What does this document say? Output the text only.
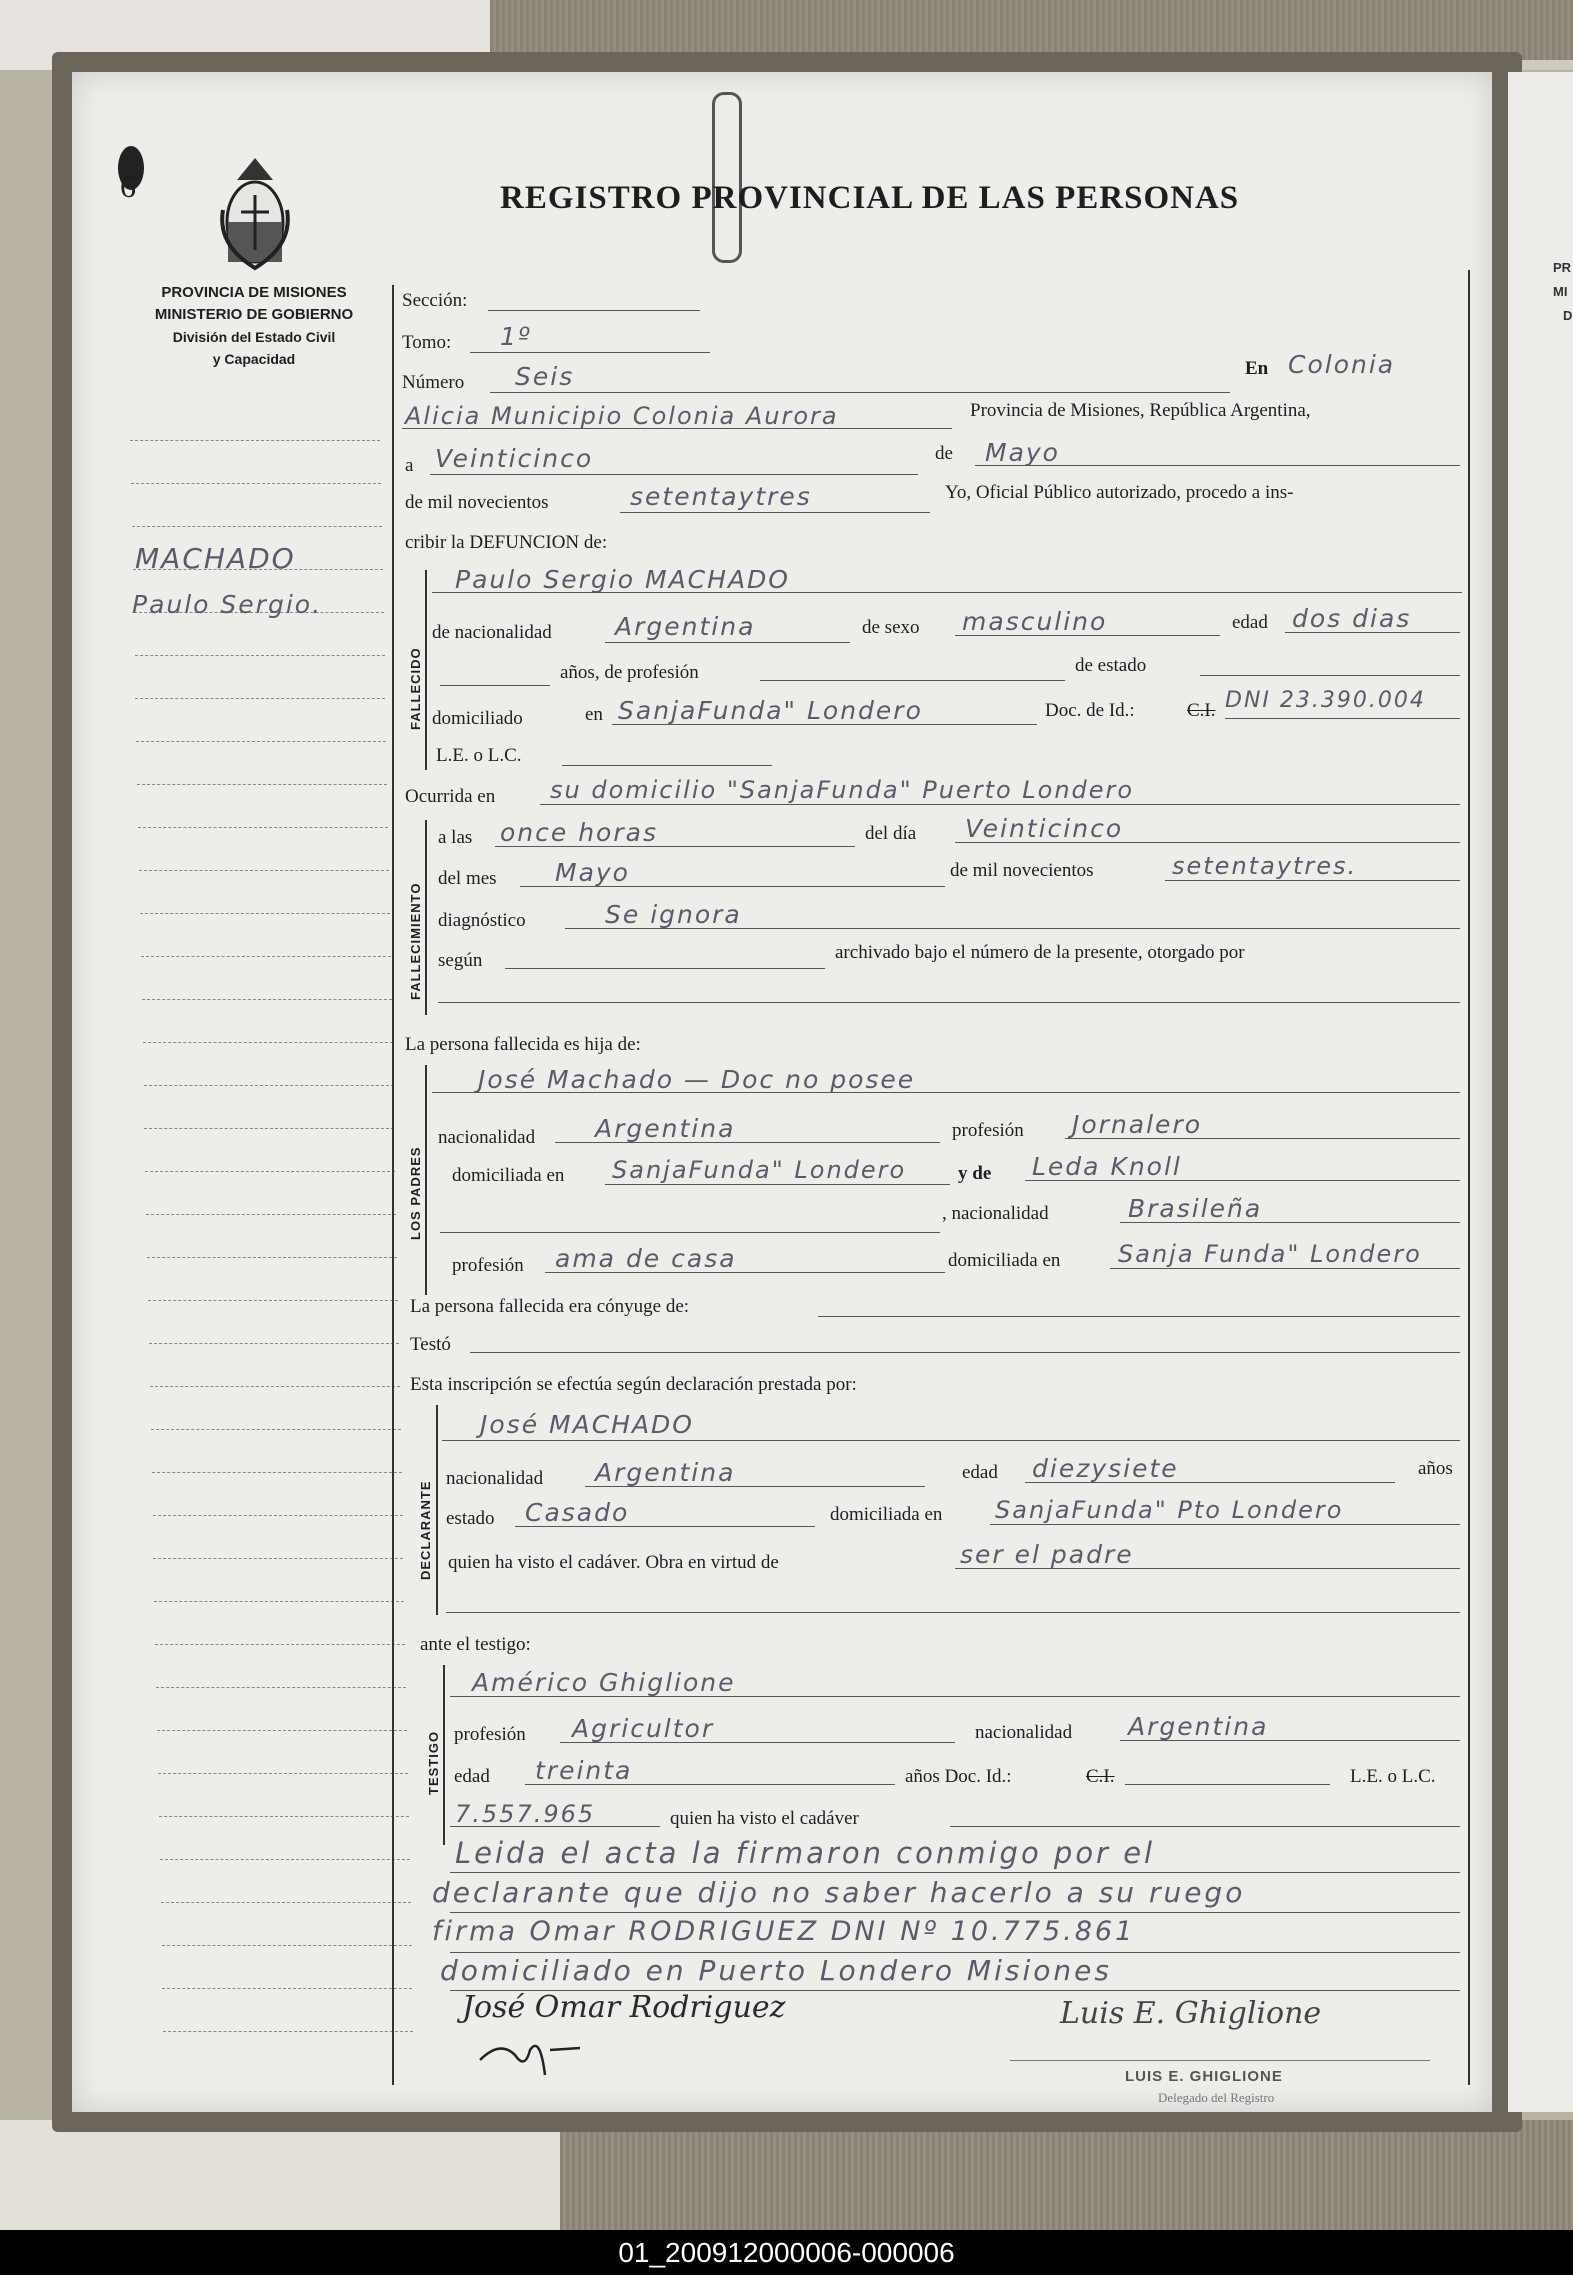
PR
MI
D
6
PROVINCIA DE MISIONES
MINISTERIO DE GOBIERNO
División del Estado Civil
y Capacidad
REGISTRO PROVINCIAL DE LAS PERSONAS
MACHADO
Paulo Sergio.
Sección:
Tomo: 1º
Número Seis	En Colonia
Alicia Municipio Colonia Aurora	Provincia de Misiones, República Argentina,
a Veinticinco	de Mayo
de mil novecientos	setentaytres	Yo, Oficial Público autorizado, procedo a ins-
cribir la DEFUNCION de:
FALLECIDO
Paulo Sergio MACHADO
de nacionalidad	Argentina	de sexo masculino	edad dos dias
años, de profesión	de estado
domiciliado	en SanjaFunda" Londero	Doc. de Id.:	C.I. DNI 23.390.004
L.E. o L.C.
Ocurrida en su domicilio "SanjaFunda" Puerto Londero
FALLECIMIENTO
a las once horas	del día Veinticinco
del mes Mayo	de mil novecientos	setentaytres.
diagnóstico	Se ignora
según	archivado bajo el número de la presente, otorgado por
La persona fallecida es hija de:
LOS PADRES
José Machado — Doc no posee
nacionalidad Argentina	profesión Jornalero
domiciliada en SanjaFunda" Londero	y de Leda Knoll
, nacionalidad	Brasileña
profesión ama de casa	domiciliada en Sanja Funda" Londero
La persona fallecida era cónyuge de:
Testó
Esta inscripción se efectúa según declaración prestada por:
DECLARANTE
José MACHADO
nacionalidad Argentina	edad diezysiete	años
estado Casado	domiciliada en SanjaFunda" Pto Londero
quien ha visto el cadáver. Obra en virtud de	ser el padre
ante el testigo:
TESTIGO
Américo Ghiglione
profesión Agricultor	nacionalidad Argentina
edad treinta	años Doc. Id.:	C.I.	L.E. o L.C.
7.557.965	quien ha visto el cadáver
Leida el acta la firmaron conmigo por el
declarante que dijo no saber hacerlo a su ruego
firma Omar RODRIGUEZ DNI Nº 10.775.861
domiciliado en Puerto Londero Misiones
José Omar Rodriguez	Luis E. Ghiglione
LUIS E. GHIGLIONE
Delegado del Registro
01_200912000006-000006
